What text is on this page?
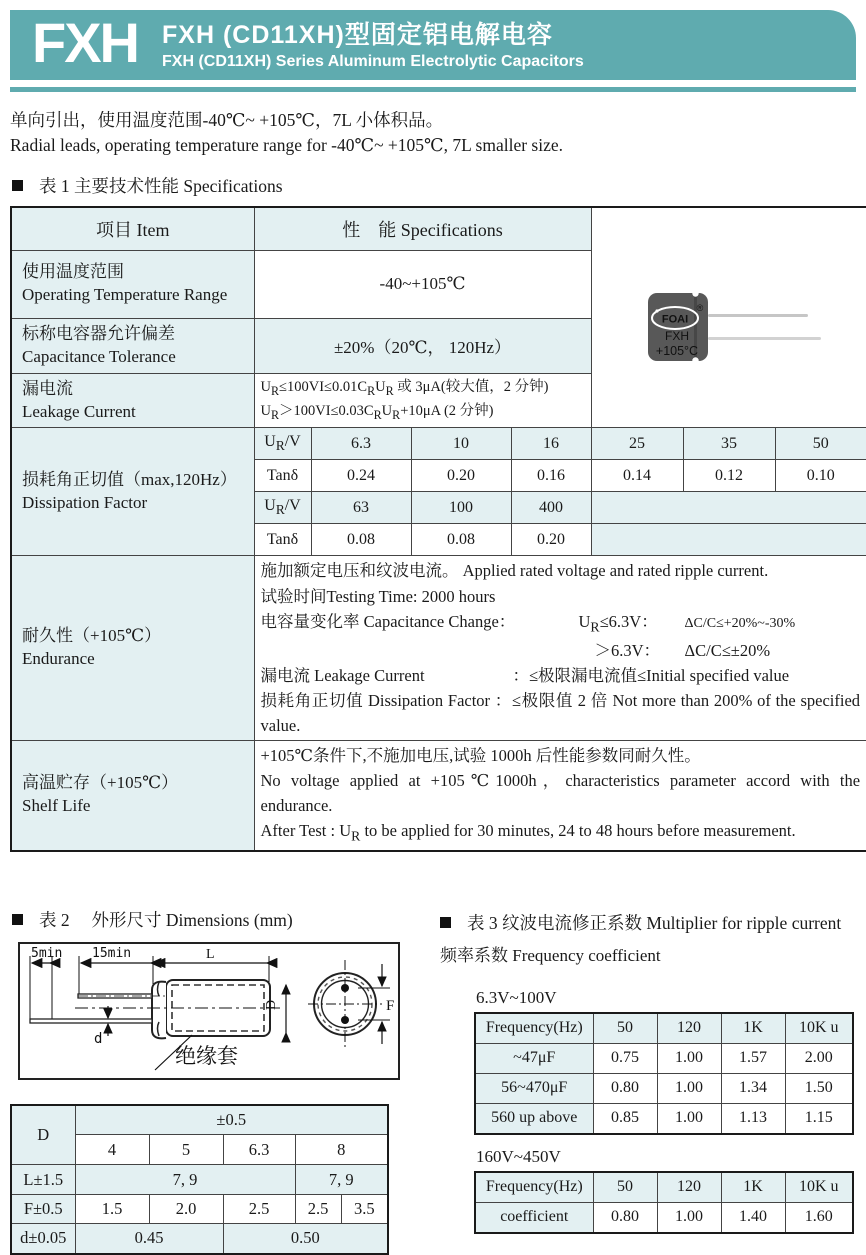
FXH FXH (CD11XH)型固定铝电解电容
FXH (CD11XH) Series Aluminum Electrolytic Capacitors
单向引出，使用温度范围-40℃~ +105℃，7L 小体积品。
Radial leads, operating temperature range for -40℃~ +105℃, 7L smaller size.
表 1 主要技术性能 Specifications
项目 Item	性　能 Specifications				FOAI
®
FXH
+105°C		

使用温度范围
Operating Temperature Range	-40~+105℃						

标称电容器允许偏差
Capacitance Tolerance	±20%（20℃， 120Hz）						

漏电流
Leakage Current

$U_R\le 100VI\le 0.01C_RU_R$ 或 3μA(较大值，2 分钟)
$U_R>100VI\le 0.03C_RU_R+10\mu A$ (2 分钟)

损耗角正切值（max,120Hz）
Dissipation Factor	$U_R/V$	6.3	10	16	25	35	50
	Tanδ	0.24	0.20	0.16	0.14	0.12	0.10
	$U_R/V$	63	100	400			
	Tanδ	0.08	0.08	0.20			

耐久性（+105℃）
Endurance

施加额定电压和纹波电流。 Applied rated voltage and rated ripple current.
试验时间Testing Time: 2000 hours
电容量变化率 Capacitance Change：	$U_R\le 6.3V$： ΔC/C≤+20%~-30%
＞6.3V： ΔC/C≤±20%
漏电流 Leakage Current	：≤极限漏电流值≤Initial specified value
损耗角正切值 Dissipation Factor ：≤极限值 2 倍 Not more than 200% of the specified value.

高温贮存（+105℃）
Shelf Life

+105℃条件下,不施加电压,试验 1000h 后性能参数同耐久性。
No voltage applied at +105℃1000h，characteristics parameter accord with the endurance.
After Test : $U_R$ to be applied for 30 minutes, 24 to 48 hours before measurement.
表 2　 外形尺寸 Dimensions (mm)
5min 15min	L
d
D
绝缘套
F
D	±0.5				
	4	5	6.3	8	
L±1.5	7, 9			7, 9	
F±0.5	1.5	2.0	2.5	2.5	3.5
d±0.05	0.45		0.50		
表 3 纹波电流修正系数 Multiplier for ripple current
频率系数 Frequency coefficient
6.3V~100V
Frequency(Hz)	50	120	1K	10K u
~47μF	0.75	1.00	1.57	2.00
56~470μF	0.80	1.00	1.34	1.50
560 up above	0.85	1.00	1.13	1.15
160V~450V
Frequency(Hz)	50	120	1K	10K u
coefficient	0.80	1.00	1.40	1.60
